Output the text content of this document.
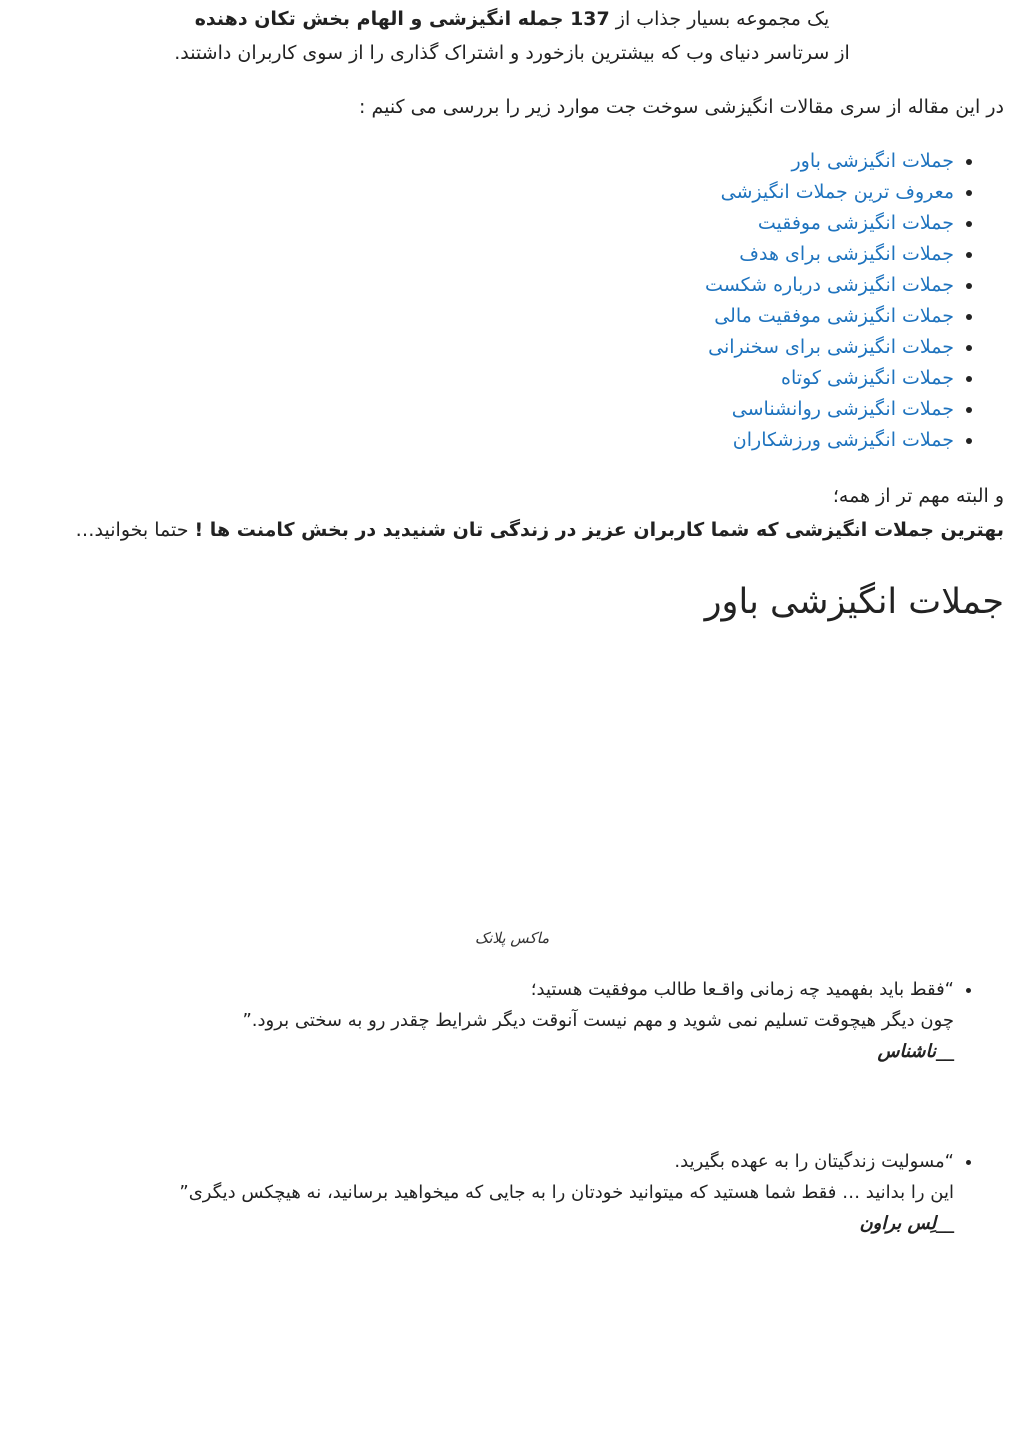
یک مجموعه بسیار جذاب از 137 جمله انگیزشی و الهام بخش تکان دهنده
از سرتاسر دنیای وب که بیشترین بازخورد و اشتراک گذاری را از سوی کاربران داشتند.

در این مقاله از سری مقالات انگیزشی سوخت جت موارد زیر را بررسی می کنیم :

• جملات انگیزشی باور
• معروف ترین جملات انگیزشی
• جملات انگیزشی موفقیت
• جملات انگیزشی برای هدف
• جملات انگیزشی درباره شکست
• جملات انگیزشی موفقیت مالی
• جملات انگیزشی برای سخنرانی
• جملات انگیزشی کوتاه
• جملات انگیزشی روانشناسی
• جملات انگیزشی ورزشکاران

و البته مهم تر از همه؛

بهترین جملات انگیزشی که شما کاربران عزیز در زندگی تان شنیدید در بخش کامنت ها ! حتما بخوانید…

جملات انگیزشی باور
ماکس پلانک
• “فقط باید بفهمید چه زمانی واقـعا طالب موفقیت هستید؛
چون دیگر هیچوقت تسلیم نمی شوید و مهم نیست آنوقت دیگر شرایط چقدر رو به سختی برود.”
__ناشناس
• “مسولیت زندگیتان را به عهده بگیرید.
این را بدانید … فقط شما هستید که میتوانید خودتان را به جایی که میخواهید برسانید، نه هیچکس دیگری”
__لِس براون
